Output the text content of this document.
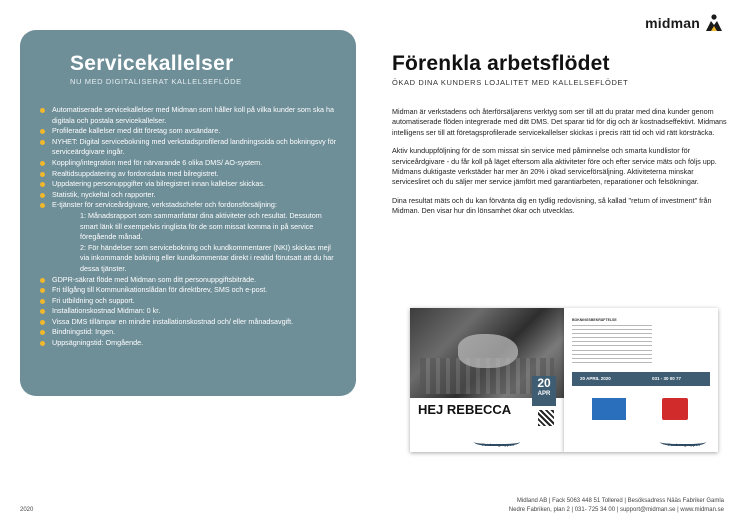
midman
Servicekallelser
NU MED DIGITALISERAT KALLELSEFLÖDE
Automatiserade servicekallelser med Midman som håller koll på vilka kunder som ska ha digitala och postala servicekallelser.
Profilerade kallelser med ditt företag som avsändare.
NYHET: Digital servicebokning med verkstadsprofilerad landningssida och bokningsvy för serviceärdgivare ingår.
Koppling/integration med för närvarande 6 olika DMS/ AO-system.
Realtidsuppdatering av fordonsdata med bilregistret.
Uppdatering personuppgifter via bilregistret innan kallelser skickas.
Statistik, nyckeltal och rapporter.
E-tjänster för serviceårdgivare, verkstadschefer och fordonsförsäljning:
1: Månadsrapport som sammanfattar dina aktiviteter och resultat. Dessutom smart länk till exempelvis ringlista för de som missat komma in på service föregående månad.
2: För händelser som servicebokning och kundkommentarer (NKI) skickas mejl via inkommande bokning eller kundkommentar direkt i realtid förutsatt att du har dessa tjänster.
GDPR-säkrat flöde med Midman som ditt personuppgiftsbiträde.
Fri tillgång till Kommunikationslådan för direktbrev, SMS och e-post.
Fri utbildning och support.
Installationskostnad Midman: 0 kr.
Vissa DMS tillämpar en mindre installationskostnad och/ eller månadsavgift.
Bindningstid: Ingen.
Uppsägningstid: Omgående.
Förenkla arbetsflödet
ÖKAD DINA KUNDERS LOJALITET MED KALLELSEFLÖDET

Midman är verkstadens och återförsäljarens verktyg som ser till att du pratar med dina kunder genom automatiserade flöden integrerade med ditt DMS. Det sparar tid för dig och är kostnadseffektivt. Midmans intelligens ser till att företagsprofilerade servicekallelser skickas i precis rätt tid och vid rätt körsträcka.

Aktiv kunduppföljning för de som missat sin service med påminnelse och smarta kundlistor för serviceårdgivare - du får koll på läget eftersom alla aktiviteter före och efter service mäts och följs upp. Midmans duktigaste verkstäder har mer än 20% i ökad serviceförsäljning. Aktiviteterna minskar servicesliret och du säljer mer service jämfört med garantiarbeten, reparationer och felsökningar.

Dina resultat mäts och du kan förvänta dig en tydlig redovisning, så kallad "return of investment" från Midman. Den visar hur din lönsamhet ökar och utvecklas.

20
APR
HEJ REBECCA
Fordonsgruppen
BOKNINGSBEKRÄFTELSE
20 APRIL 2020	031 - 30 00 77
Fordonsgruppen
2020
Midland AB | Fack 5063 448 51 Tollered | Besöksadress Nääs Fabriker Gamla
Nedre Fabriken, plan 2 | 031- 725 34 00 | support@midman.se | www.midman.se
